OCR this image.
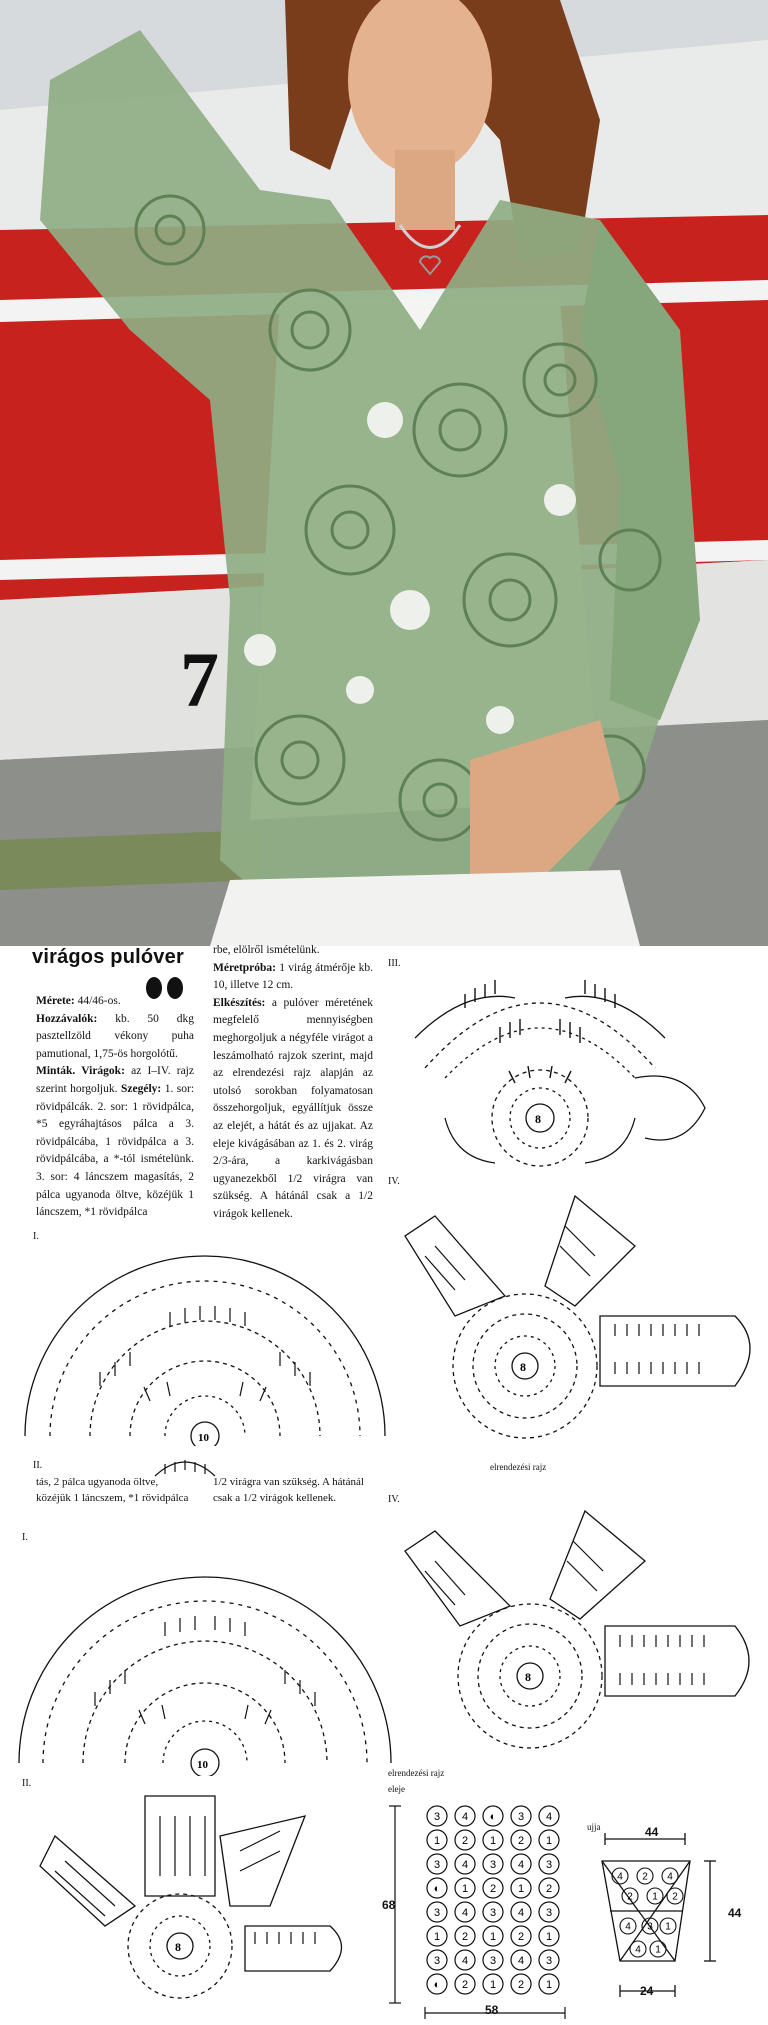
7
virágos pulóver
Mérete: 44/46-os.
Hozzávalók: kb. 50 dkg pasztellzöld vékony puha pamutional, 1,75-ös horgolótű.
Minták. Virágok: az I–IV. rajz szerint horgoljuk. Szegély: 1. sor: rövidpálcák. 2. sor: 1 rövidpálca, *5 egyráhajtásos pálca a 3. rövidpálcába, 1 rövidpálca a 3. rövidpálcába, a *-tól ismételünk. 3. sor: 4 láncszem magasítás, 2 pálca ugyanoda öltve, közéjük 1 láncszem, *1 rövidpálca
rbe, elölről ismételünk.
Méretpróba: 1 virág átmérője kb. 10, illetve 12 cm.
Elkészítés: a pulóver méretének megfelelő mennyiségben meghorgoljuk a négyféle virágot a leszámolható rajzok szerint, majd az elrendezési rajz alapján az utolsó sorokban folyamatosan összehorgoljuk, egyállítjuk össze az elejét, a hátát és az ujjakat. Az eleje kivágásában az 1. és 2. virág 2/3-ára, a karkivágásban ugyanezekből 1/2 virágra van szükség. A hátánál csak a 1/2 virágok kellenek.
tás, 2 pálca ugyanoda öltve, közéjük 1 láncszem, *1 rövidpálca
1/2 virágra van szükség. A hátánál csak a 1/2 virágok kellenek.
III.
IV.
I.
II.	elrendezési rajz
IV.
I.
II.
elrendezési rajz
eleje
ujja
8
8
10
10
8
8
3 4 ◐ 3 4
1 2 1 2 1
3 4 3 4 3
◐ 1 2 1 2
3 4 3 4 3
1 2 1 2 1
3 4 3 4 3
◐ 2 1 2 1
68
58
4 2 4
2 1 2
4 3 1
4 1
44
44
24
